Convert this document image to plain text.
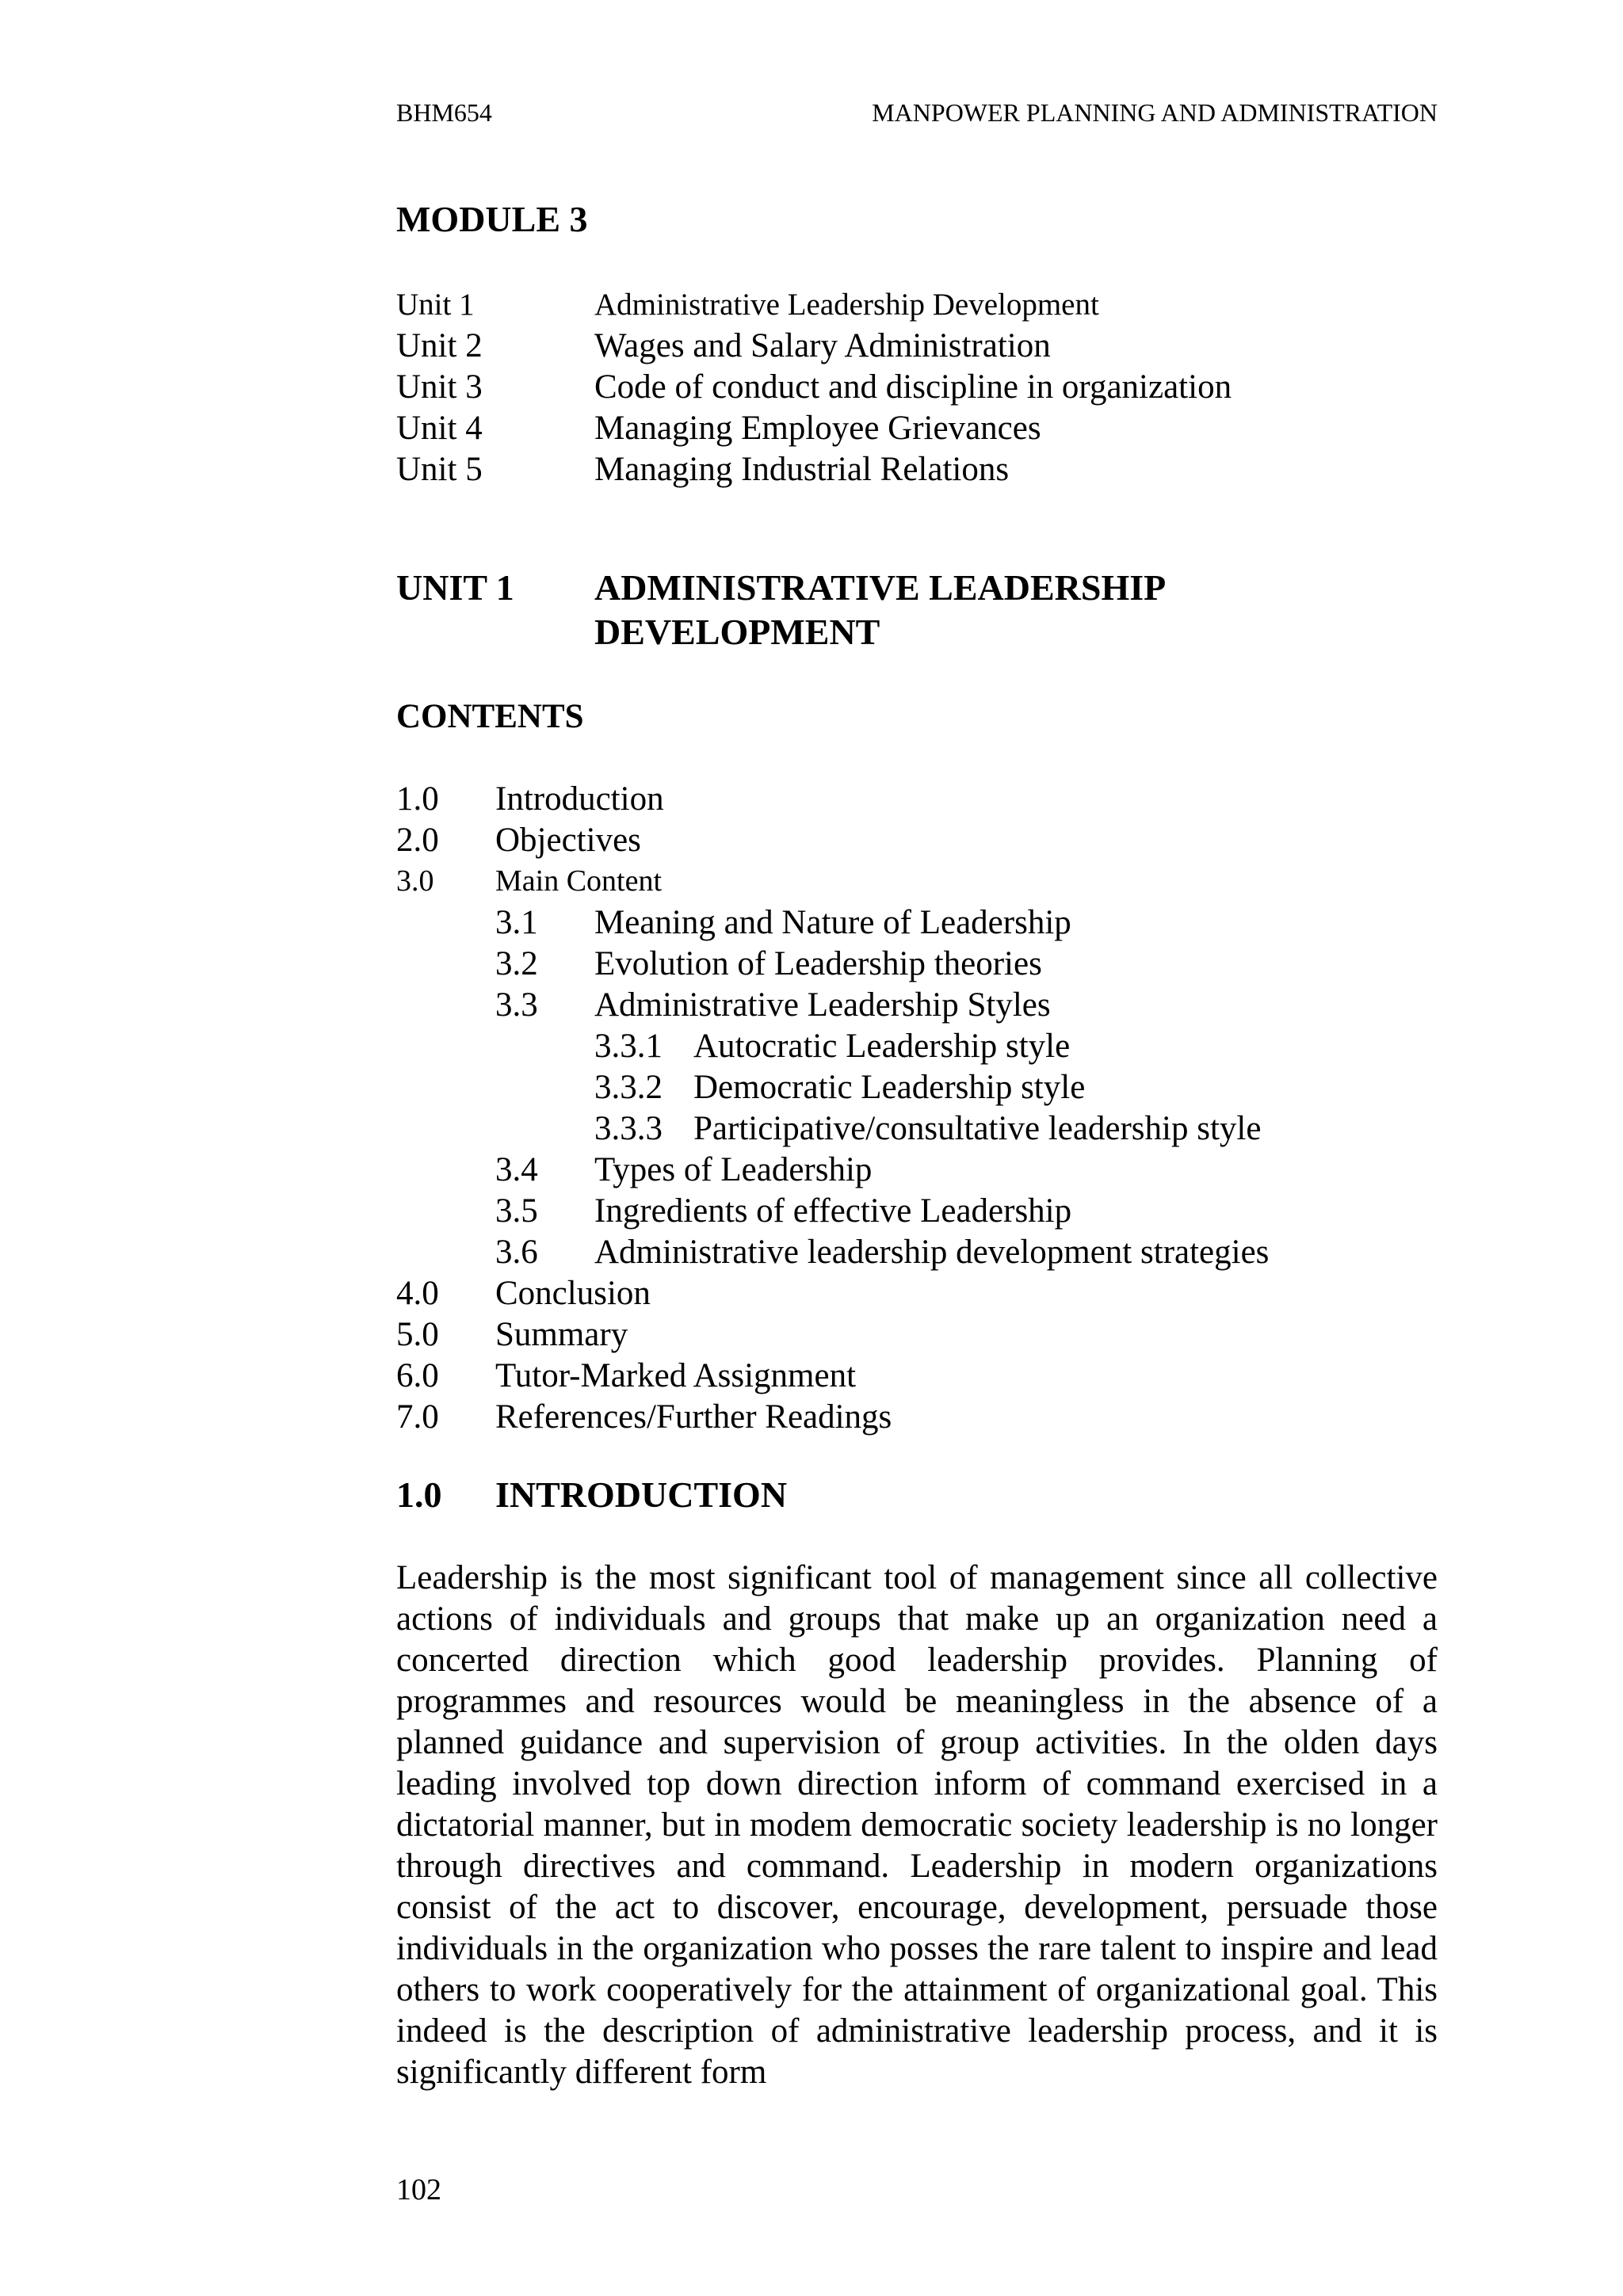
BHM654	MANPOWER PLANNING AND ADMINISTRATION
MODULE 3
Unit 1	Administrative Leadership Development
Unit 2	Wages and Salary Administration
Unit 3	Code of conduct and discipline in organization
Unit 4	Managing Employee Grievances
Unit 5	Managing Industrial Relations
UNIT 1	ADMINISTRATIVE LEADERSHIP DEVELOPMENT
CONTENTS
1.0	Introduction
2.0	Objectives
3.0	Main Content
3.1	Meaning and Nature of Leadership
3.2	Evolution of Leadership theories
3.3	Administrative Leadership Styles
3.3.1 Autocratic Leadership style
3.3.2 Democratic Leadership style
3.3.3 Participative/consultative leadership style
3.4	Types of Leadership
3.5	Ingredients of effective Leadership
3.6	Administrative leadership development strategies
4.0	Conclusion
5.0	Summary
6.0	Tutor-Marked Assignment
7.0	References/Further Readings
1.0	INTRODUCTION

Leadership is the most significant tool of management since all collective actions of individuals and groups that make up an organization need a concerted direction which good leadership provides. Planning of programmes and resources would be meaningless in the absence of a planned guidance and supervision of group activities. In the olden days leading involved top down direction inform of command exercised in a dictatorial manner, but in modem democratic society leadership is no longer through directives and command. Leadership in modern organizations consist of the act to discover, encourage, development, persuade those individuals in the organization who posses the rare talent to inspire and lead others to work cooperatively for the attainment of organizational goal. This indeed is the description of administrative leadership process, and it is significantly different form

102
